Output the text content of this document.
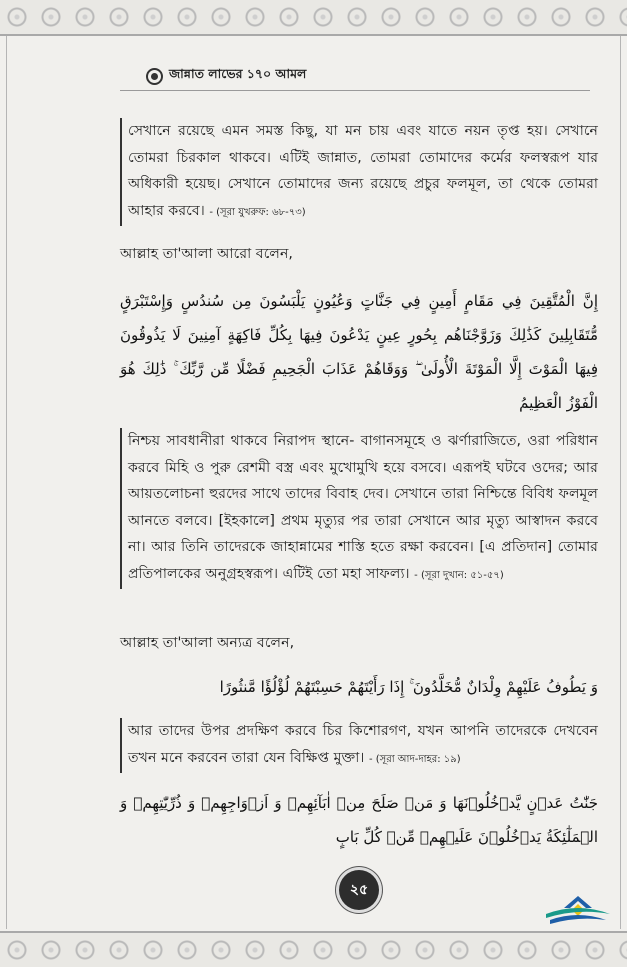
জান্নাত লাভের ১৭০ আমল
সেখানে রয়েছে এমন সমস্ত কিছু, যা মন চায় এবং যাতে নয়ন তৃপ্ত হয়। সেখানে তোমরা চিরকাল থাকবে। এটিই জান্নাত, তোমরা তোমাদের কর্মের ফলস্বরূপ যার অধিকারী হয়েছ। সেখানে তোমাদের জন্য রয়েছে প্রচুর ফলমূল, তা থেকে তোমরা আহার করবে। - (সূরা যুখরুফ: ৬৮-৭৩)
আল্লাহ তা'আলা আরো বলেন,
إِنَّ الْمُتَّقِينَ فِي مَقَامٍ أَمِينٍ فِي جَنَّاتٍ وَعُيُونٍ يَلْبَسُونَ مِن سُندُسٍ وَإِسْتَبْرَقٍ مُّتَقَابِلِينَ كَذَٰلِكَ وَزَوَّجْنَاهُم بِحُورٍ عِينٍ يَدْعُونَ فِيهَا بِكُلِّ فَاكِهَةٍ آمِنِينَ لَا يَذُوقُونَ فِيهَا الْمَوْتَ إِلَّا الْمَوْتَةَ الْأُولَىٰ ۖ وَوَقَاهُمْ عَذَابَ الْجَحِيمِ فَضْلًا مِّن رَّبِّكَ ۚ ذَٰلِكَ هُوَ الْفَوْزُ الْعَظِيمُ
নিশ্চয় সাবধানীরা থাকবে নিরাপদ স্থানে- বাগানসমূহে ও ঝর্ণারাজিতে, ওরা পরিধান করবে মিহি ও পুরু রেশমী বস্ত্র এবং মুখোমুখি হয়ে বসবে। এরূপই ঘটবে ওদের; আর আয়তলোচনা হুরদের সাথে তাদের বিবাহ দেব। সেখানে তারা নিশ্চিন্তে বিবিধ ফলমূল আনতে বলবে। [ইহকালে] প্রথম মৃত্যুর পর তারা সেখানে আর মৃত্যু আস্বাদন করবে না। আর তিনি তাদেরকে জাহান্নামের শাস্তি হতে রক্ষা করবেন। [এ প্রতিদান] তোমার প্রতিপালকের অনুগ্রহস্বরূপ। এটিই তো মহা সাফল্য। - (সূরা দুখান: ৫১-৫৭)
আল্লাহ তা'আলা অন্যত্র বলেন,
وَ يَطُوفُ عَلَيْهِمْ وِلْدَانٌ مُّخَلَّدُونَ ۚ إِذَا رَأَيْتَهُمْ حَسِبْتَهُمْ لُؤْلُؤًا مَّنثُورًا
আর তাদের উপর প্রদক্ষিণ করবে চির কিশোরগণ, যখন আপনি তাদেরকে দেখবেন তখন মনে করবেন তারা যেন বিক্ষিপ্ত মুক্তা। - (সূরা আদ-দাহর: ১৯)
جَنّٰتُ عَدۡنٍ یَّدۡخُلُوۡنَهَا وَ مَنۡ صَلَحَ مِنۡ اٰبَآئِهِمۡ وَ اَزۡوَاجِهِمۡ وَ ذُرِّیّٰتِهِمۡ وَ الۡمَلٰٓئِكَةُ یَدۡخُلُوۡنَ عَلَیۡهِمۡ مِّنۡ كُلِّ بَابٍ
২৫
